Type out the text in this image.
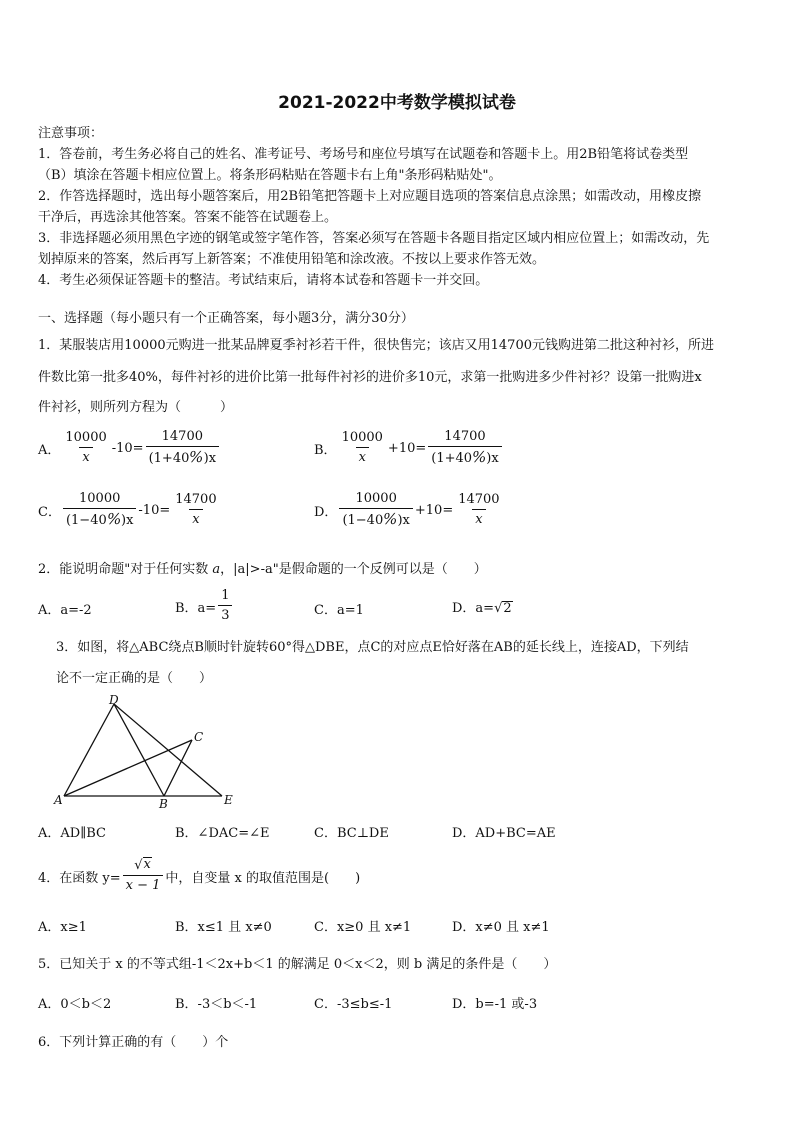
2021-2022中考数学模拟试卷
注意事项：
1．答卷前，考生务必将自己的姓名、准考证号、考场号和座位号填写在试题卷和答题卡上。用2B铅笔将试卷类型
（B）填涂在答题卡相应位置上。将条形码粘贴在答题卡右上角"条形码粘贴处"。
2．作答选择题时，选出每小题答案后，用2B铅笔把答题卡上对应题目选项的答案信息点涂黑；如需改动，用橡皮擦
干净后，再选涂其他答案。答案不能答在试题卷上。
3．非选择题必须用黑色字迹的钢笔或签字笔作答，答案必须写在答题卡各题目指定区域内相应位置上；如需改动，先
划掉原来的答案，然后再写上新答案；不准使用铅笔和涂改液。不按以上要求作答无效。
4．考生必须保证答题卡的整洁。考试结束后，请将本试卷和答题卡一并交回。
一、选择题（每小题只有一个正确答案，每小题3分，满分30分）
1．某服装店用10000元购进一批某品牌夏季衬衫若干件，很快售完；该店又用14700元钱购进第二批这种衬衫，所进
件数比第一批多40%，每件衬衫的进价比第一批每件衬衫的进价多10元，求第一批购进多少件衬衫？设第一批购进x
件衬衫，则所列方程为（　　　）
A． $\frac{10000}{x} -10= \frac{14700}{(1+40\%)x}$	B． $\frac{10000}{x} +10= \frac{14700}{(1+40\%)x}$
C． $\frac{10000}{(1-40\%)x} -10= \frac{14700}{x}$	D． $\frac{10000}{(1-40\%)x} +10= \frac{14700}{x}$
2．能说明命题"对于任何实数 a，|a|>-a"是假命题的一个反例可以是（　　）
A．a=-2	B．$a= \frac{1}{3}$	C．a=1	D．a=√ 2
3．如图，将△ABC绕点B顺时针旋转60°得△DBE，点C的对应点E恰好落在AB的延长线上，连接AD，下列结
论不一定正确的是（　　）
D
C
A	B	E
A．AD∥BC	B．∠DAC=∠E	C．BC⊥DE	D．AD+BC=AE
4．在函数 $y= \frac{√ x}{x - 1}$ 中，自变量 x 的取值范围是(　　)
A．x≥1	B．x≤1 且 x≠0	C．x≥0 且 x≠1	D．x≠0 且 x≠1
5．已知关于 x 的不等式组-1＜2x+b＜1 的解满足 0＜x＜2，则 b 满足的条件是（　　）
A．0＜b＜2	B．-3＜b＜-1	C．-3≤b≤-1	D．b=-1 或-3
6．下列计算正确的有（　　）个
